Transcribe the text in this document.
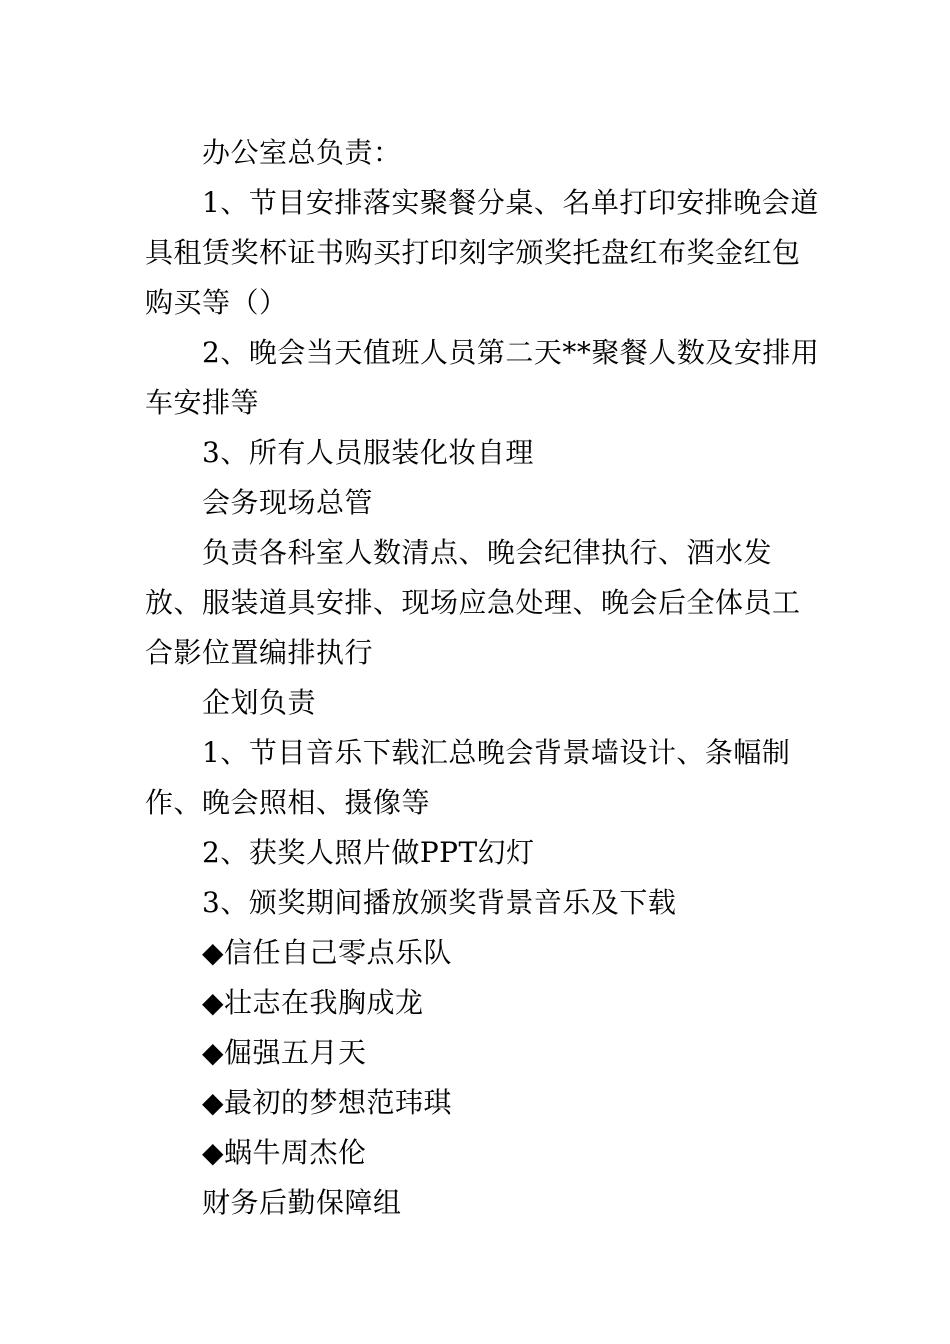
办公室总负责：

1、节目安排落实聚餐分桌、名单打印安排晚会道具租赁奖杯证书购买打印刻字颁奖托盘红布奖金红包购买等（）

2、晚会当天值班人员第二天**聚餐人数及安排用车安排等

3、所有人员服装化妆自理

会务现场总管

负责各科室人数清点、晚会纪律执行、酒水发放、服装道具安排、现场应急处理、晚会后全体员工合影位置编排执行

企划负责

1、节目音乐下载汇总晚会背景墙设计、条幅制作、晚会照相、摄像等

2、获奖人照片做PPT幻灯

3、颁奖期间播放颁奖背景音乐及下载

◆信任自己零点乐队

◆壮志在我胸成龙

◆倔强五月天

◆最初的梦想范玮琪

◆蜗牛周杰伦

财务后勤保障组
